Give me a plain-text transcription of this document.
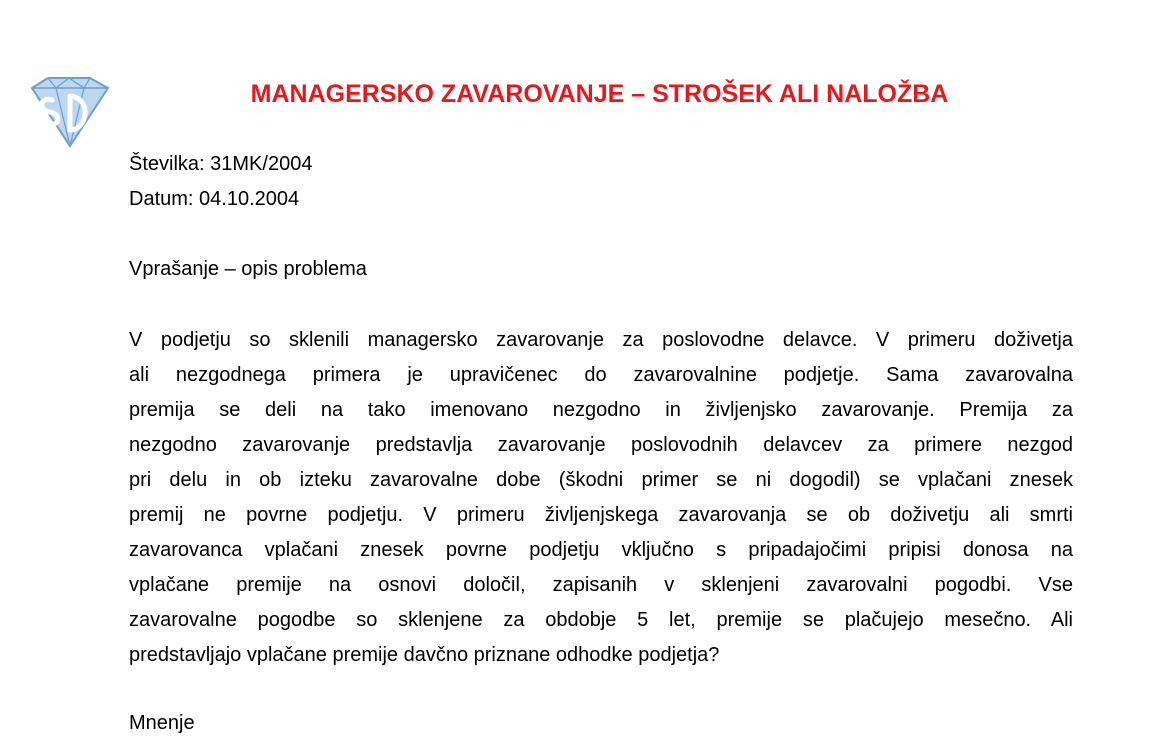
MANAGERSKO ZAVAROVANJE – STROŠEK ALI NALOŽBA
Številka: 31MK/2004
Datum: 04.10.2004
Vprašanje – opis problema
V podjetju so sklenili managersko zavarovanje za poslovodne delavce. V primeru doživetja
ali nezgodnega primera je upravičenec do zavarovalnine podjetje. Sama zavarovalna
premija se deli na tako imenovano nezgodno in življenjsko zavarovanje. Premija za
nezgodno zavarovanje predstavlja zavarovanje poslovodnih delavcev za primere nezgod
pri delu in ob izteku zavarovalne dobe (škodni primer se ni dogodil) se vplačani znesek
premij ne povrne podjetju. V primeru življenjskega zavarovanja se ob doživetju ali smrti
zavarovanca vplačani znesek povrne podjetju vključno s pripadajočimi pripisi donosa na
vplačane premije na osnovi določil, zapisanih v sklenjeni zavarovalni pogodbi. Vse
zavarovalne pogodbe so sklenjene za obdobje 5 let, premije se plačujejo mesečno. Ali
predstavljajo vplačane premije davčno priznane odhodke podjetja?
Mnenje
